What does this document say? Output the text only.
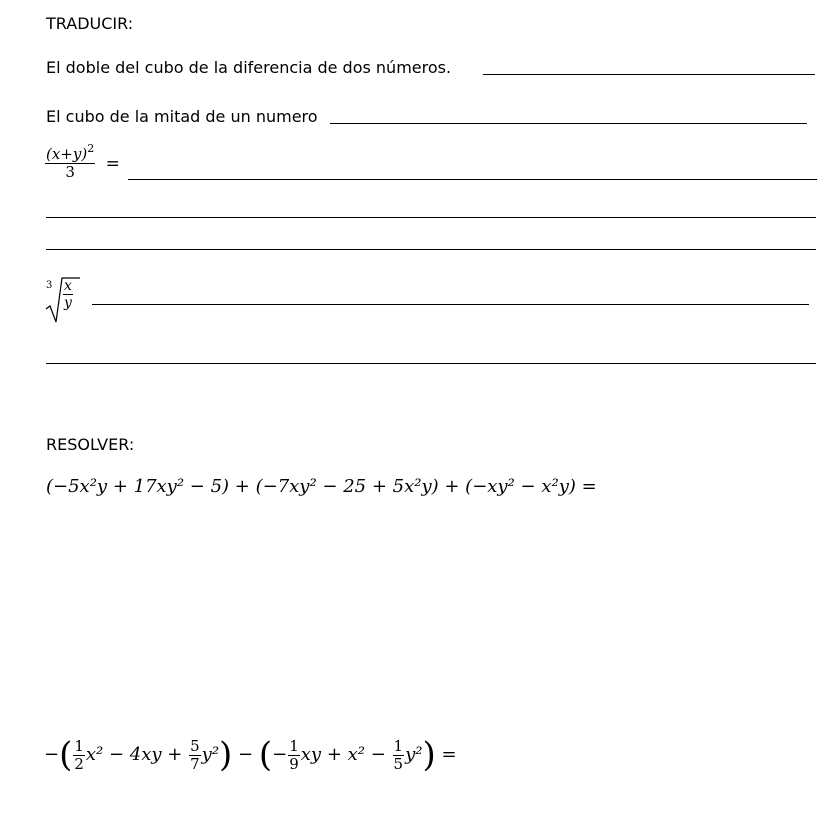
TRADUCIR:
El doble del cubo de la diferencia de dos números.
El cubo de la mitad de un numero
$\frac{(x+y)^2}{3}$ =
$3 \frac{x}{y}$
RESOLVER:
(−5x²y + 17xy² − 5) + (−7xy² − 25 + 5x²y) + (−xy² − x²y) =
−( $\frac{1}{2} x^2 - 4xy + \frac{5}{7} y^2$) − (− $\frac{1}{9}$ xy + $x^2 - \frac{1}{5} y^2$) =
